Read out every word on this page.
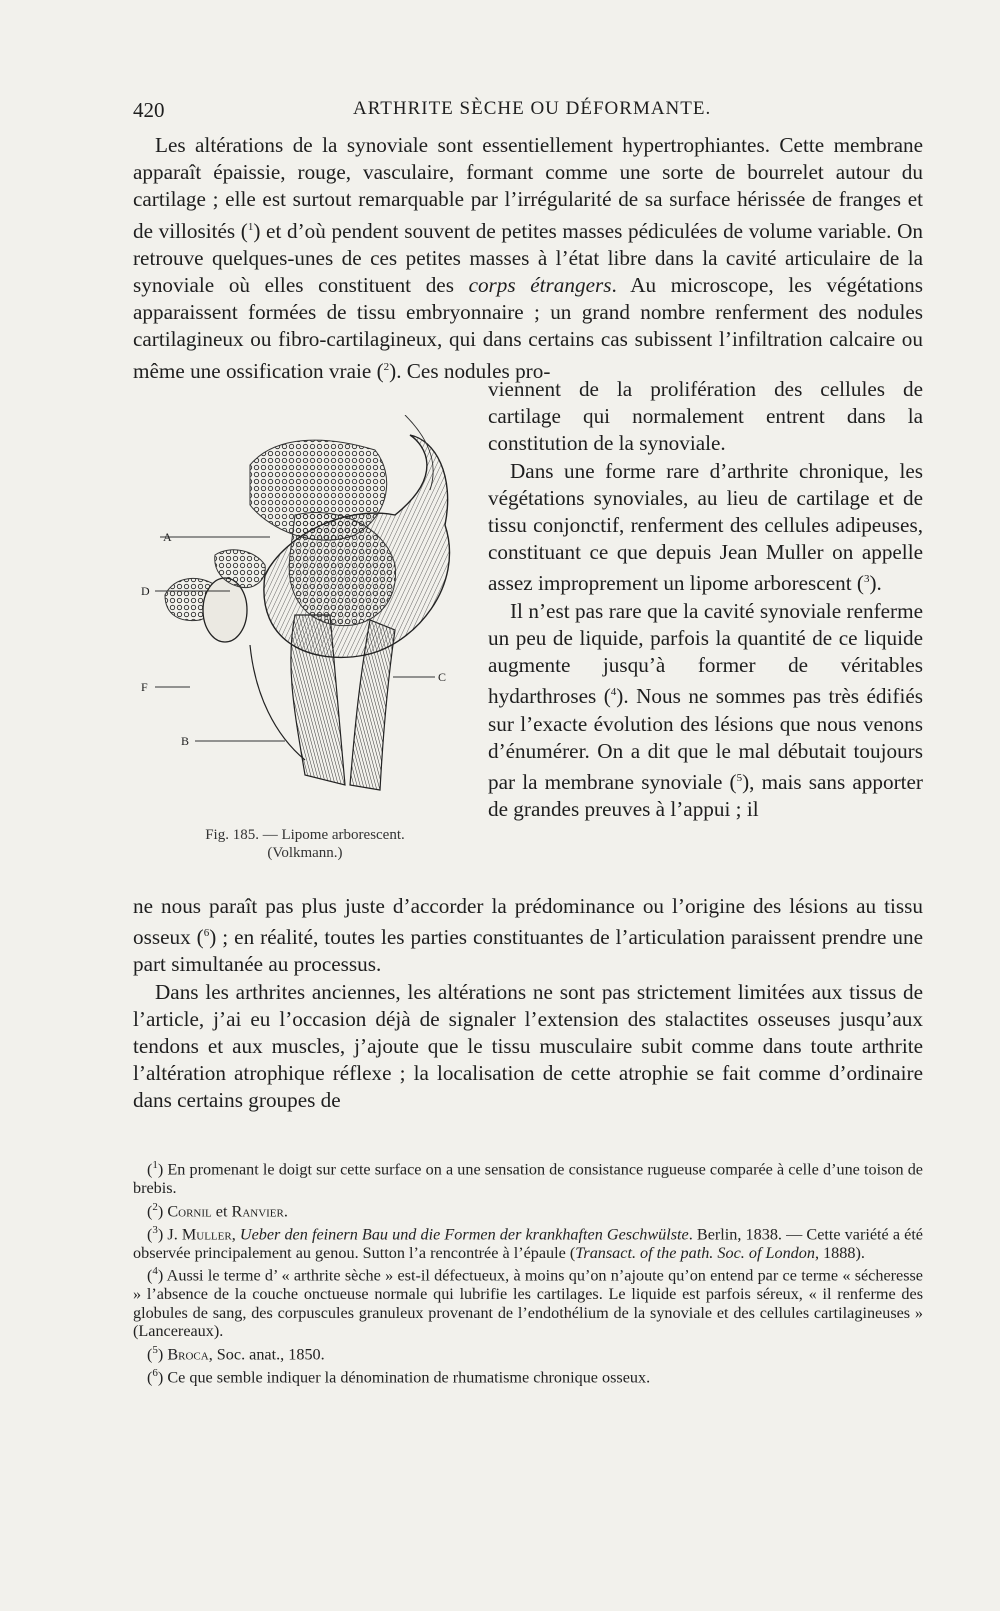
420	ARTHRITE SÈCHE OU DÉFORMANTE.

Les altérations de la synoviale sont essentiellement hypertrophiantes. Cette membrane apparaît épaissie, rouge, vasculaire, formant comme une sorte de bourrelet autour du cartilage ; elle est surtout remarquable par l’irrégularité de sa surface hérissée de franges et de villosités ($^1$) et d’où pendent souvent de petites masses pédiculées de volume variable. On retrouve quelques-unes de ces petites masses à l’état libre dans la cavité articulaire de la synoviale où elles constituent des corps étrangers. Au microscope, les végétations apparaissent formées de tissu embryonnaire ; un grand nombre renferment des nodules cartilagineux ou fibro-cartilagineux, qui dans certains cas subissent l’infiltration calcaire ou même une ossification vraie ($^2$). Ces nodules pro-

viennent de la prolifération des cellules de cartilage qui normalement entrent dans la constitution de la synoviale.

Dans une forme rare d’arthrite chronique, les végétations synoviales, au lieu de cartilage et de tissu conjonctif, renferment des cellules adipeuses, constituant ce que depuis Jean Muller on appelle assez improprement un lipome arborescent ($^3$).

Il n’est pas rare que la cavité synoviale renferme un peu de liquide, parfois la quantité de ce liquide augmente jusqu’à former de véritables hydarthroses ($^4$). Nous ne sommes pas très édifiés sur l’exacte évolution des lésions que nous venons d’énumérer. On a dit que le mal débutait toujours par la membrane synoviale ($^5$), mais sans apporter de grandes preuves à l’appui ; il

ne nous paraît pas plus juste d’accorder la prédominance ou l’origine des lésions au tissu osseux ($^6$) ; en réalité, toutes les parties constituantes de l’articulation paraissent prendre une part simultanée au processus.

Dans les arthrites anciennes, les altérations ne sont pas strictement limitées aux tissus de l’article, j’ai eu l’occasion déjà de signaler l’extension des stalactites osseuses jusqu’aux tendons et aux muscles, j’ajoute que le tissu musculaire subit comme dans toute arthrite l’altération atrophique réflexe ; la localisation de cette atrophie se fait comme d’ordinaire dans certains groupes de

A
D
F
B
C
Fig. 185. — Lipome arborescent.
(Volkmann.)

($^1$) En promenant le doigt sur cette surface on a une sensation de consistance rugueuse comparée à celle d’une toison de brebis.

($^2$) Cornil et Ranvier.

($^3$) J. Muller, Ueber den feinern Bau und die Formen der krankhaften Geschwülste. Berlin, 1838. — Cette variété a été observée principalement au genou. Sutton l’a rencontrée à l’épaule (Transact. of the path. Soc. of London, 1888).

($^4$) Aussi le terme d’ « arthrite sèche » est-il défectueux, à moins qu’on n’ajoute qu’on entend par ce terme « sécheresse » l’absence de la couche onctueuse normale qui lubrifie les cartilages. Le liquide est parfois séreux, « il renferme des globules de sang, des corpuscules granuleux provenant de l’endothélium de la synoviale et des cellules cartilagineuses » (Lancereaux).

($^5$) Broca, Soc. anat., 1850.

($^6$) Ce que semble indiquer la dénomination de rhumatisme chronique osseux.
